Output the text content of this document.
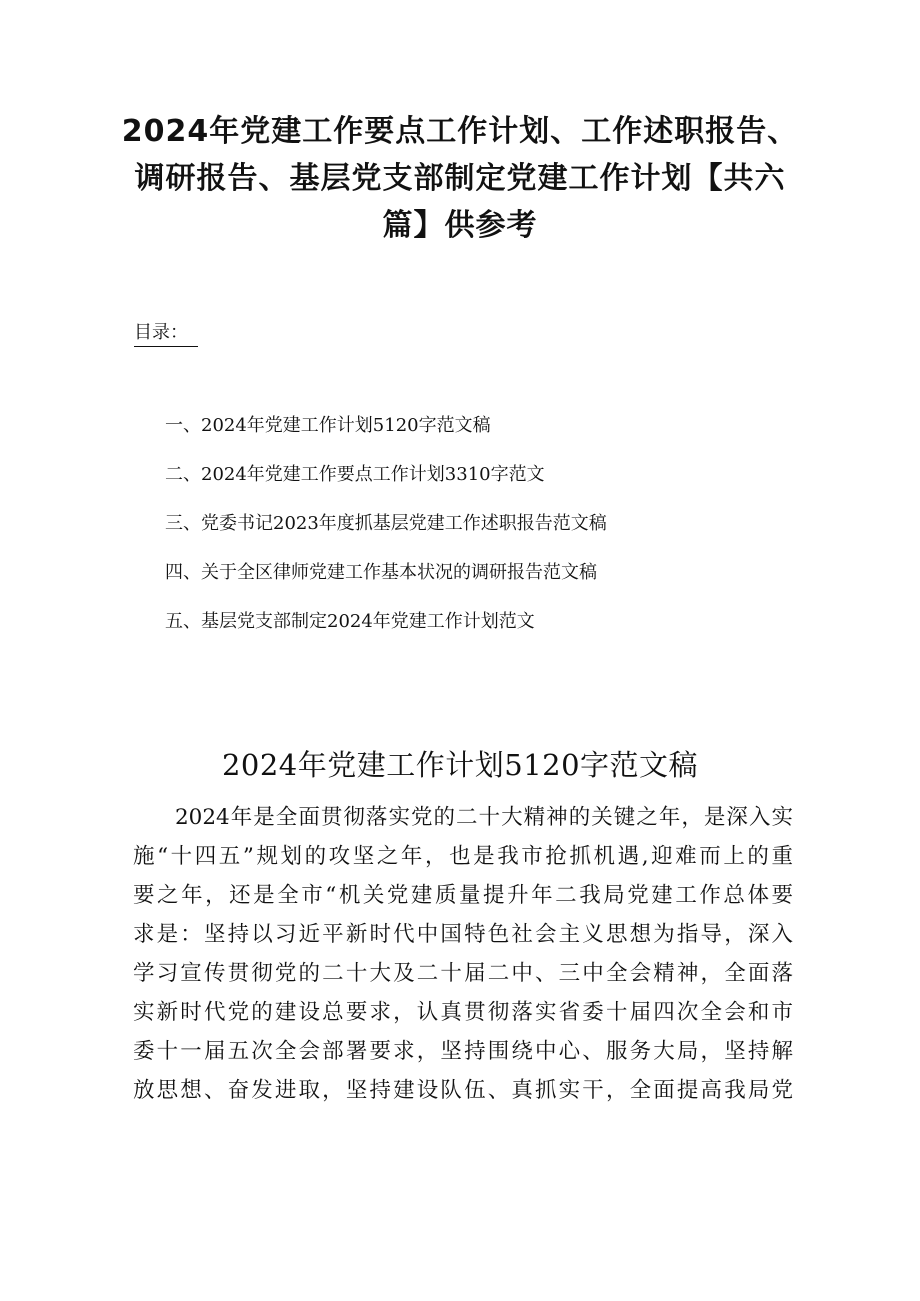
2024年党建工作要点工作计划、工作述职报告、调研报告、基层党支部制定党建工作计划【共六篇】供参考
目录：
一、2024年党建工作计划5120字范文稿
二、2024年党建工作要点工作计划3310字范文
三、党委书记2023年度抓基层党建工作述职报告范文稿
四、关于全区律师党建工作基本状况的调研报告范文稿
五、基层党支部制定2024年党建工作计划范文
2024年党建工作计划5120字范文稿
2024年是全面贯彻落实党的二十大精神的关键之年，是深入实
施“十四五”规划的攻坚之年，也是我市抢抓机遇,迎难而上的重
要之年，还是全市“机关党建质量提升年二我局党建工作总体要
求是：坚持以习近平新时代中国特色社会主义思想为指导，深入
学习宣传贯彻党的二十大及二十届二中、三中全会精神，全面落
实新时代党的建设总要求，认真贯彻落实省委十届四次全会和市
委十一届五次全会部署要求，坚持围绕中心、服务大局，坚持解
放思想、奋发进取，坚持建设队伍、真抓实干，全面提高我局党
